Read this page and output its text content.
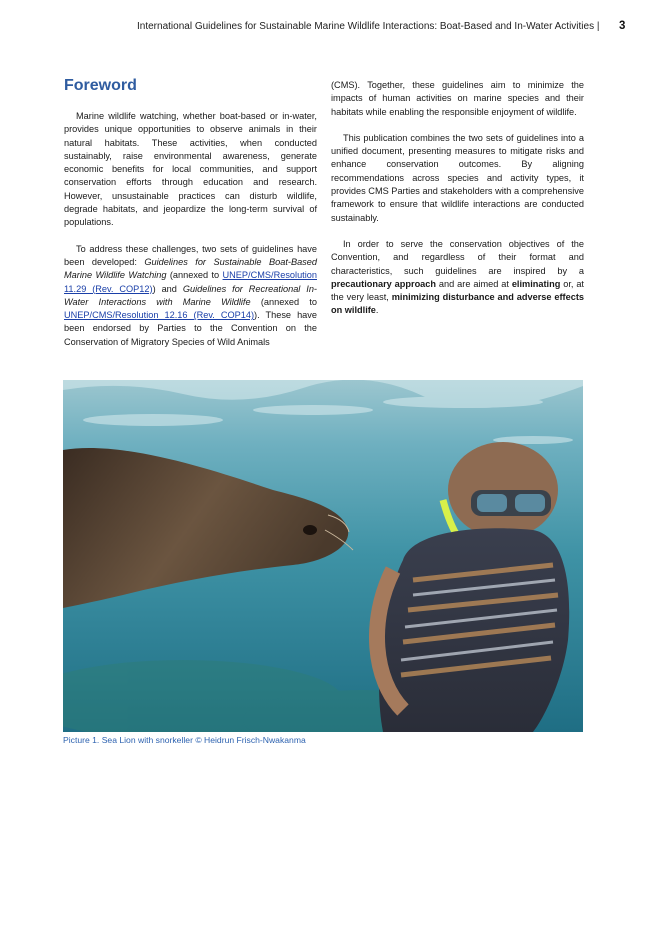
International Guidelines for Sustainable Marine Wildlife Interactions: Boat-Based and In-Water Activities | 3
Foreword

Marine wildlife watching, whether boat-based or in-water, provides unique opportunities to observe animals in their natural habitats. These activities, when conducted sustainably, raise environmental awareness, generate economic benefits for local communities, and support conservation efforts through education and research. However, unsustainable practices can disturb wildlife, degrade habitats, and jeopardize the long-term survival of populations.

To address these challenges, two sets of guidelines have been developed: Guidelines for Sustainable Boat-Based Marine Wildlife Watching (annexed to UNEP/CMS/Resolution 11.29 (Rev. COP12)) and Guidelines for Recreational In-Water Interactions with Marine Wildlife (annexed to UNEP/CMS/Resolution 12.16 (Rev. COP14)). These have been endorsed by Parties to the Convention on the Conservation of Migratory Species of Wild Animals

(CMS). Together, these guidelines aim to minimize the impacts of human activities on marine species and their habitats while enabling the responsible enjoyment of wildlife.

This publication combines the two sets of guidelines into a unified document, presenting measures to mitigate risks and enhance conservation outcomes. By aligning recommendations across species and activity types, it provides CMS Parties and stakeholders with a comprehensive framework to ensure that wildlife interactions are conducted sustainably.

In order to serve the conservation objectives of the Convention, and regardless of their format and characteristics, such guidelines are inspired by a precautionary approach and are aimed at eliminating or, at the very least, minimizing disturbance and adverse effects on wildlife.

Picture 1. Sea Lion with snorkeller © Heidrun Frisch-Nwakanma
